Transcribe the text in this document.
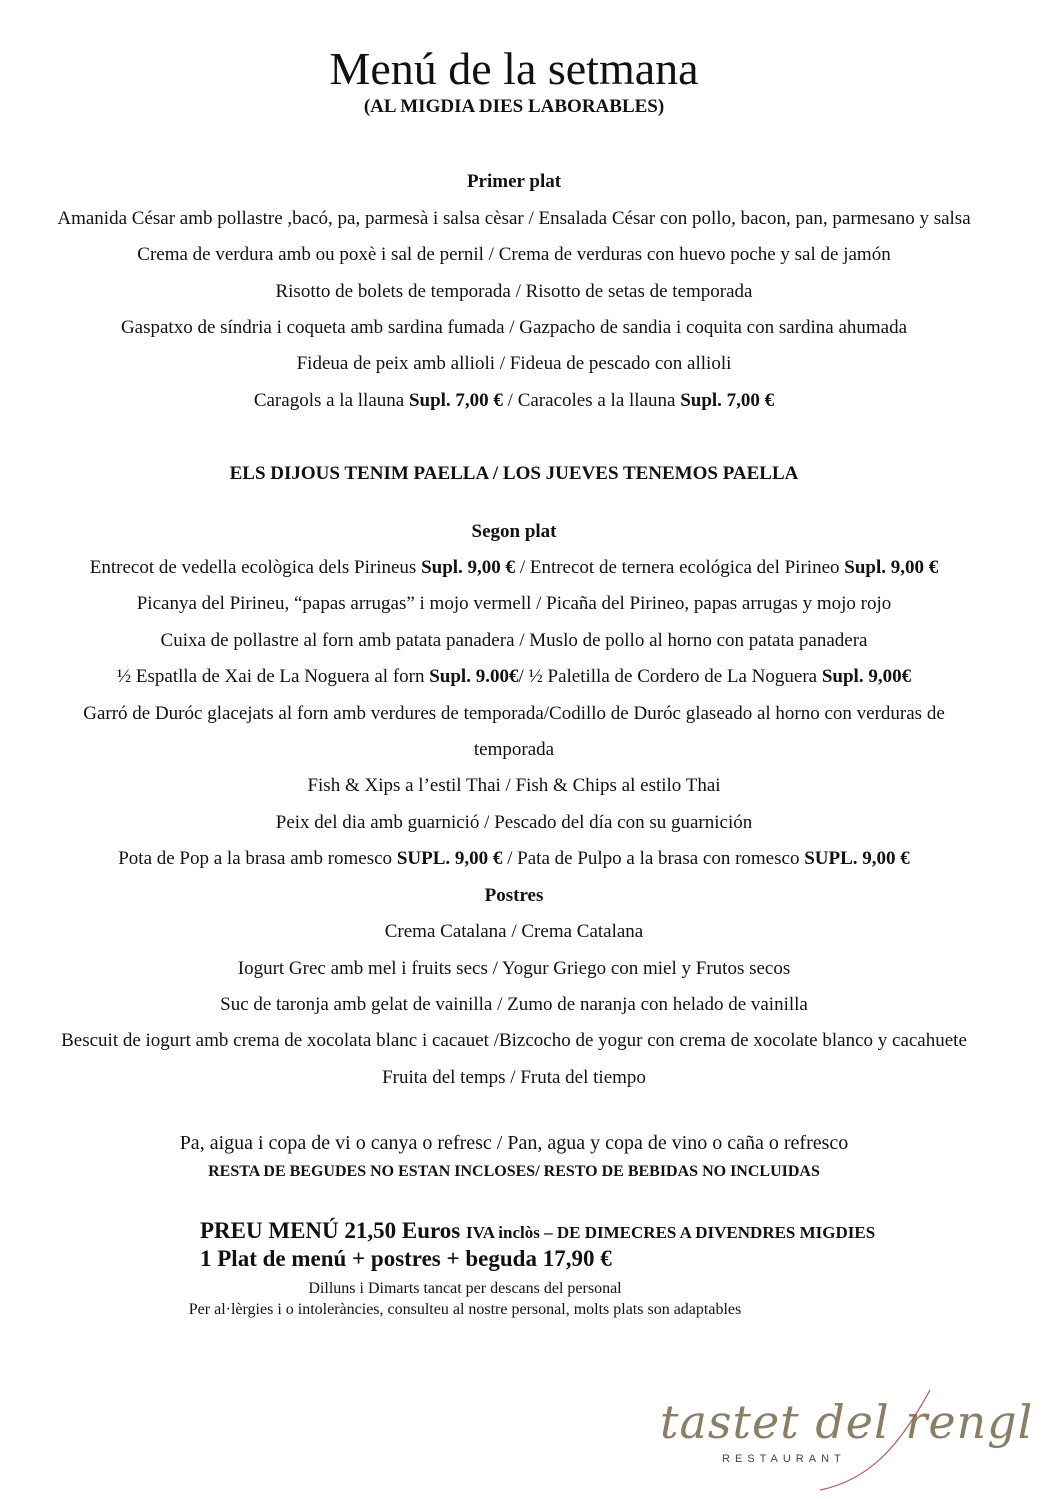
Menú de la setmana
(AL MIGDIA DIES LABORABLES)
Primer plat
Amanida César amb pollastre ,bacó, pa, parmesà i salsa cèsar / Ensalada César con pollo, bacon, pan, parmesano y salsa
Crema de verdura amb ou poxè i sal de pernil / Crema de verduras con huevo poche y sal de jamón
Risotto de bolets de temporada / Risotto de setas de temporada
Gaspatxo de síndria i coqueta amb sardina fumada / Gazpacho de sandia i coquita con sardina ahumada
Fideua de peix amb allioli / Fideua de pescado con allioli
Caragols a la llauna Supl. 7,00 € / Caracoles a la llauna Supl. 7,00 €
ELS DIJOUS TENIM PAELLA / LOS JUEVES TENEMOS PAELLA
Segon plat
Entrecot de vedella ecològica dels Pirineus Supl. 9,00 € / Entrecot de ternera ecológica del Pirineo Supl. 9,00 €
Picanya del Pirineu, “papas arrugas” i mojo vermell / Picaña del Pirineo, papas arrugas y mojo rojo
Cuixa de pollastre al forn amb patata panadera / Muslo de pollo al horno con patata panadera
½ Espatlla de Xai de La Noguera al forn Supl. 9.00€/ ½ Paletilla de Cordero de La Noguera Supl. 9,00€
Garró de Duróc glacejats al forn amb verdures de temporada/Codillo de Duróc glaseado al horno con verduras de
temporada
Fish & Xips a l’estil Thai / Fish & Chips al estilo Thai
Peix del dia amb guarnició / Pescado del día con su guarnición
Pota de Pop a la brasa amb romesco SUPL. 9,00 € / Pata de Pulpo a la brasa con romesco SUPL. 9,00 €
Postres
Crema Catalana / Crema Catalana
Iogurt Grec amb mel i fruits secs / Yogur Griego con miel y Frutos secos
Suc de taronja amb gelat de vainilla / Zumo de naranja con helado de vainilla
Bescuit de iogurt amb crema de xocolata blanc i cacauet /Bizcocho de yogur con crema de xocolate blanco y cacahuete
Fruita del temps / Fruta del tiempo
Pa, aigua i copa de vi o canya o refresc / Pan, agua y copa de vino o caña o refresco
RESTA DE BEGUDES NO ESTAN INCLOSES/ RESTO DE BEBIDAS NO INCLUIDAS
PREU MENÚ 21,50 Euros IVA inclòs – DE DIMECRES A DIVENDRES MIGDIES
1 Plat de menú + postres + beguda 17,90 €
Dilluns i Dimarts tancat per descans del personal
Per al·lèrgies i o intoleràncies, consulteu al nostre personal, molts plats son adaptables
tastet del rengl
RESTAURANT
